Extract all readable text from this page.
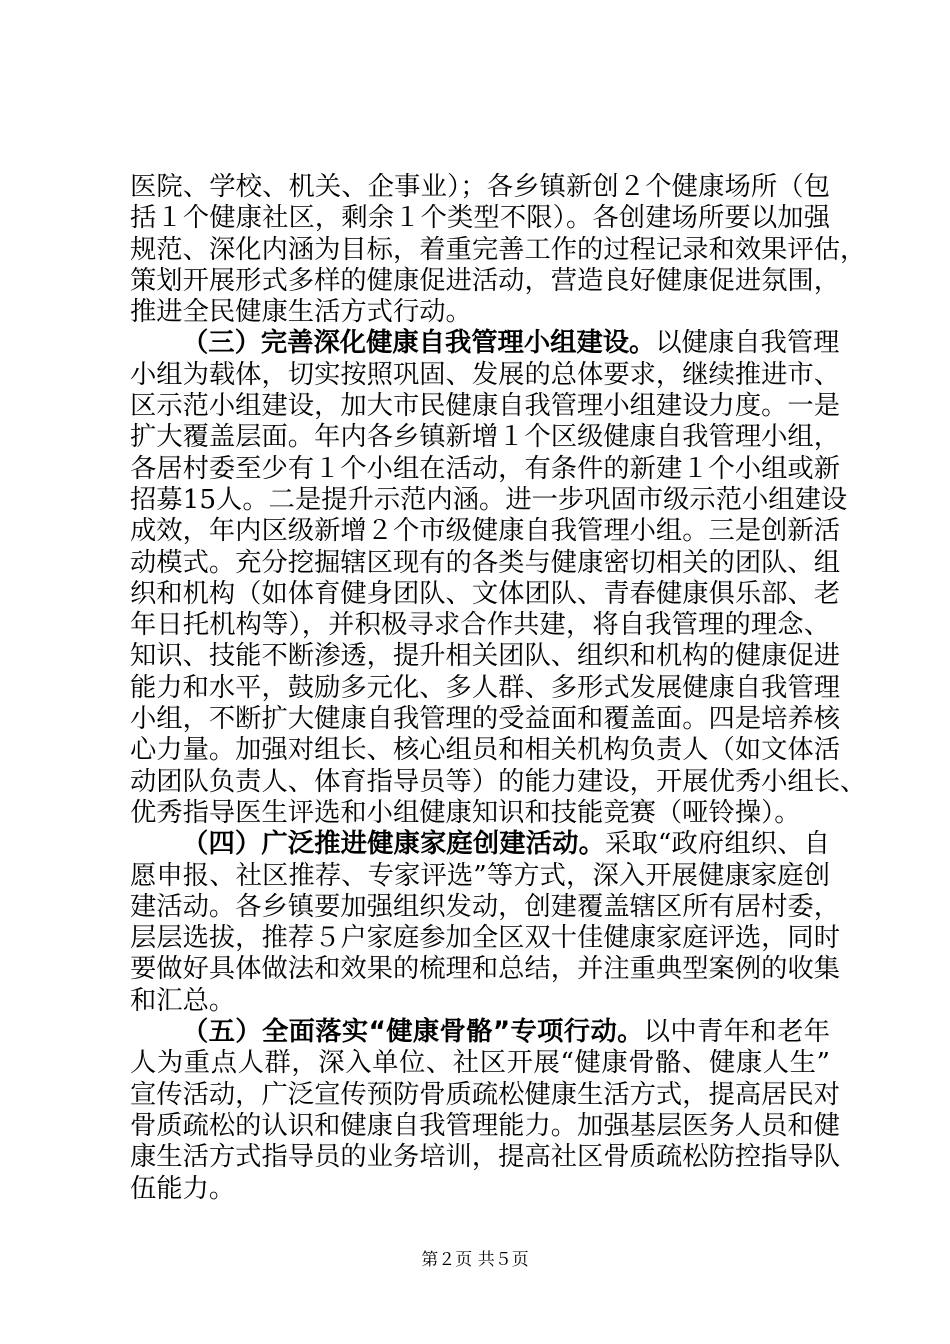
医院、学校、机关、企事业）；各乡镇新创２个健康场所（包
括１个健康社区，剩余１个类型不限）。各创建场所要以加强
规范、深化内涵为目标，着重完善工作的过程记录和效果评估，
策划开展形式多样的健康促进活动，营造良好健康促进氛围，
推进全民健康生活方式行动。
（三）完善深化健康自我管理小组建设。以健康自我管理
小组为载体，切实按照巩固、发展的总体要求，继续推进市、
区示范小组建设，加大市民健康自我管理小组建设力度。一是
扩大覆盖层面。年内各乡镇新增１个区级健康自我管理小组，
各居村委至少有１个小组在活动，有条件的新建１个小组或新
招募15人。二是提升示范内涵。进一步巩固市级示范小组建设
成效，年内区级新增２个市级健康自我管理小组。三是创新活
动模式。充分挖掘辖区现有的各类与健康密切相关的团队、组
织和机构（如体育健身团队、文体团队、青春健康俱乐部、老
年日托机构等），并积极寻求合作共建，将自我管理的理念、
知识、技能不断渗透，提升相关团队、组织和机构的健康促进
能力和水平，鼓励多元化、多人群、多形式发展健康自我管理
小组，不断扩大健康自我管理的受益面和覆盖面。四是培养核
心力量。加强对组长、核心组员和相关机构负责人（如文体活
动团队负责人、体育指导员等）的能力建设，开展优秀小组长、
优秀指导医生评选和小组健康知识和技能竞赛（哑铃操）。
（四）广泛推进健康家庭创建活动。采取“政府组织、自
愿申报、社区推荐、专家评选”等方式，深入开展健康家庭创
建活动。各乡镇要加强组织发动，创建覆盖辖区所有居村委，
层层选拔，推荐５户家庭参加全区双十佳健康家庭评选，同时
要做好具体做法和效果的梳理和总结，并注重典型案例的收集
和汇总。
（五）全面落实“健康骨骼”专项行动。以中青年和老年
人为重点人群，深入单位、社区开展“健康骨骼、健康人生”
宣传活动，广泛宣传预防骨质疏松健康生活方式，提高居民对
骨质疏松的认识和健康自我管理能力。加强基层医务人员和健
康生活方式指导员的业务培训，提高社区骨质疏松防控指导队
伍能力。
第２页 共５页
